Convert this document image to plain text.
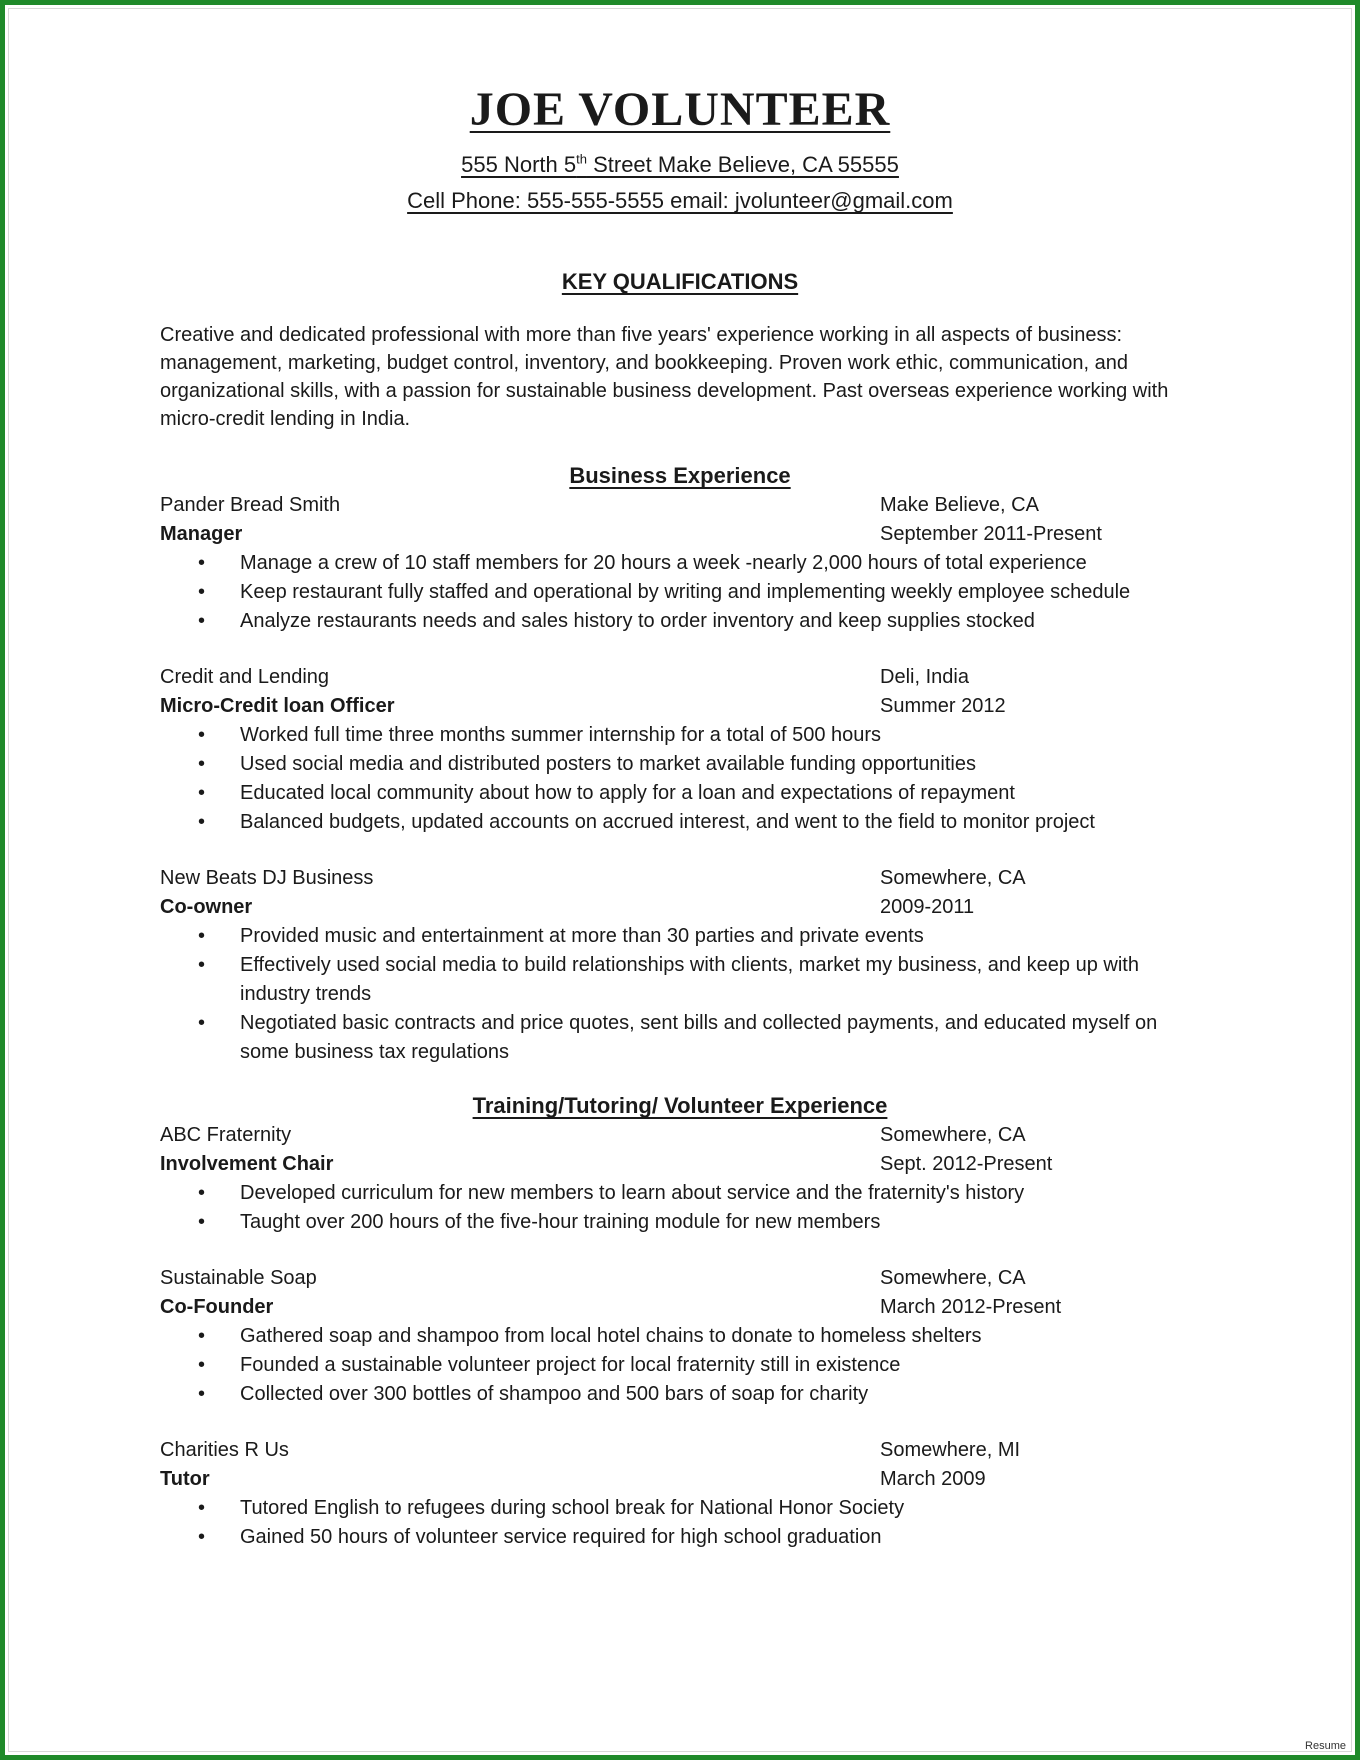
JOE VOLUNTEER
555 North 5th Street Make Believe, CA 55555
Cell Phone: 555-555-5555 email: jvolunteer@gmail.com
KEY QUALIFICATIONS
Creative and dedicated professional with more than five years' experience working in all aspects of business: management, marketing, budget control, inventory, and bookkeeping. Proven work ethic, communication, and organizational skills, with a passion for sustainable business development. Past overseas experience working with micro-credit lending in India.
Business Experience
Pander Bread Smith	Make Believe, CA
Manager	September 2011-Present
• Manage a crew of 10 staff members for 20 hours a week -nearly 2,000 hours of total experience
• Keep restaurant fully staffed and operational by writing and implementing weekly employee schedule
• Analyze restaurants needs and sales history to order inventory and keep supplies stocked
Credit and Lending	Deli, India
Micro-Credit loan Officer	Summer 2012
• Worked full time three months summer internship for a total of 500 hours
• Used social media and distributed posters to market available funding opportunities
• Educated local community about how to apply for a loan and expectations of repayment
• Balanced budgets, updated accounts on accrued interest, and went to the field to monitor project
New Beats DJ Business	Somewhere, CA
Co-owner	2009-2011
• Provided music and entertainment at more than 30 parties and private events
• Effectively used social media to build relationships with clients, market my business, and keep up with industry trends
• Negotiated basic contracts and price quotes, sent bills and collected payments, and educated myself on some business tax regulations
Training/Tutoring/ Volunteer Experience
ABC Fraternity	Somewhere, CA
Involvement Chair	Sept. 2012-Present
• Developed curriculum for new members to learn about service and the fraternity's history
• Taught over 200 hours of the five-hour training module for new members
Sustainable Soap	Somewhere, CA
Co-Founder	March 2012-Present
• Gathered soap and shampoo from local hotel chains to donate to homeless shelters
• Founded a sustainable volunteer project for local fraternity still in existence
• Collected over 300 bottles of shampoo and 500 bars of soap for charity
Charities R Us	Somewhere, MI
Tutor	March 2009
• Tutored English to refugees during school break for National Honor Society
• Gained 50 hours of volunteer service required for high school graduation
Resume
